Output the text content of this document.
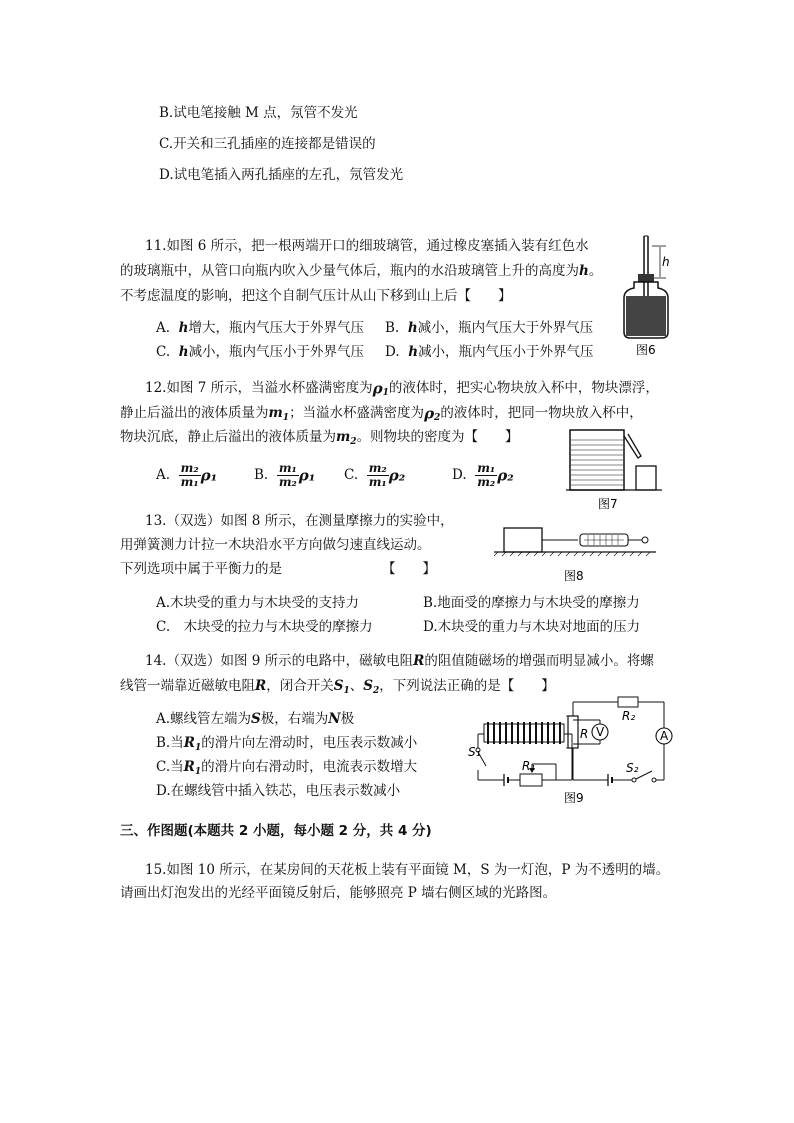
B.试电笔接触 M 点，氖管不发光
C.开关和三孔插座的连接都是错误的
D.试电笔插入两孔插座的左孔，氖管发光
11.如图 6 所示，把一根两端开口的细玻璃管，通过橡皮塞插入装有红色水
的玻璃瓶中，从管口向瓶内吹入少量气体后，瓶内的水沿玻璃管上升的高度为h。
不考虑温度的影响，把这个自制气压计从山下移到山上后【　　】
A. h增大，瓶内气压大于外界气压 B. h减小，瓶内气压大于外界气压
C. h减小，瓶内气压小于外界气压 D. h减小，瓶内气压小于外界气压
h
图6
12.如图 7 所示，当溢水杯盛满密度为$\rho_1$的液体时，把实心物块放入杯中，物块漂浮，
静止后溢出的液体质量为$m_1$；当溢水杯盛满密度为$\rho_2$的液体时，把同一物块放入杯中，
物块沉底，静止后溢出的液体质量为$m_2$。则物块的密度为【　　】
A. $\frac{\text{m₂}}{\text{m₁}} \rho_1$	B. $\frac{\text{m₁}}{\text{m₂}} \rho_1$ C. $\frac{\text{m₂}}{\text{m₁}} \rho_2$	D. $\frac{\text{m₁}}{\text{m₂}} \rho_2$
图7
13.（双选）如图 8 所示，在测量摩擦力的实验中，
用弹簧测力计拉一木块沿水平方向做匀速直线运动。
下列选项中属于平衡力的是	【　　】
A.木块受的重力与木块受的支持力	B.地面受的摩擦力与木块受的摩擦力
C.　木块受的拉力与木块受的摩擦力	D.木块受的重力与木块对地面的压力
图8
14.（双选）如图 9 所示的电路中，磁敏电阻R的阻值随磁场的增强而明显减小。将螺
线管一端靠近磁敏电阻R，闭合开关$S_1$、$S_2$，下列说法正确的是【　　】
A.螺线管左端为S极，右端为N极
B.当$R_1$的滑片向左滑动时，电压表示数减小
C.当$R_1$的滑片向右滑动时，电流表示数增大
D.在螺线管中插入铁芯，电压表示数减小
S₁
R₁
R V
R₂
A
S₂
图9
三、作图题(本题共 2 小题，每小题 2 分，共 4 分)
15.如图 10 所示，在某房间的天花板上装有平面镜 M，S 为一灯泡，P 为不透明的墙。
请画出灯泡发出的光经平面镜反射后，能够照亮 P 墙右侧区域的光路图。
